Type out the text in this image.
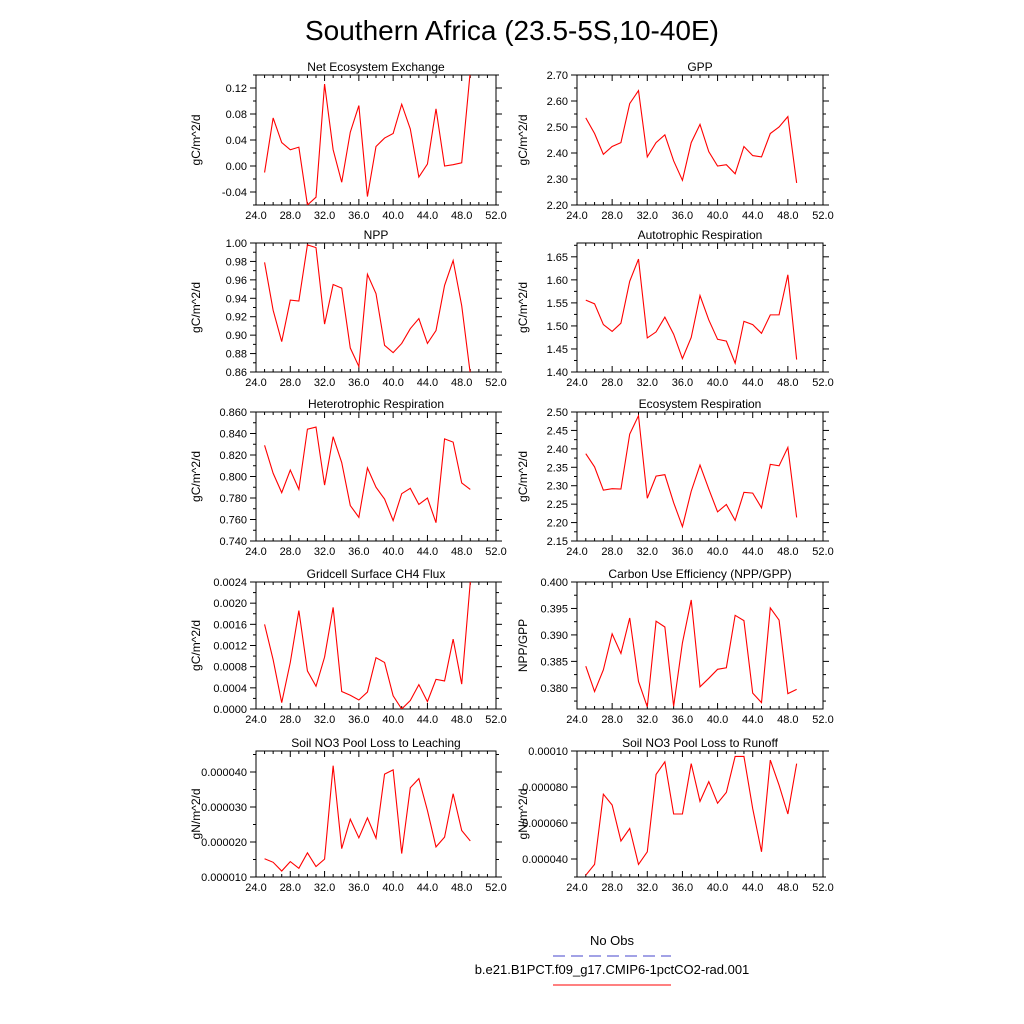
Southern Africa (23.5-5S,10-40E)
Net Ecosystem Exchange
gC/m^2/d
24.0 28.0 32.0 36.0 40.0 44.0 48.0 52.0
-0.04
0.00
0.04
0.08
0.12
GPP
gC/m^2/d
24.0 28.0 32.0 36.0 40.0 44.0 48.0 52.0
2.20
2.30
2.40
2.50
2.60
2.70
NPP
gC/m^2/d
24.0 28.0 32.0 36.0 40.0 44.0 48.0 52.0
0.86
0.88
0.90
0.92
0.94
0.96
0.98
1.00
Autotrophic Respiration
gC/m^2/d
24.0 28.0 32.0 36.0 40.0 44.0 48.0 52.0
1.40
1.45
1.50
1.55
1.60
1.65
Heterotrophic Respiration
gC/m^2/d
24.0 28.0 32.0 36.0 40.0 44.0 48.0 52.0
0.740
0.760
0.780
0.800
0.820
0.840
0.860
Ecosystem Respiration
gC/m^2/d
24.0 28.0 32.0 36.0 40.0 44.0 48.0 52.0
2.15
2.20
2.25
2.30
2.35
2.40
2.45
2.50
Gridcell Surface CH4 Flux
gC/m^2/d
24.0 28.0 32.0 36.0 40.0 44.0 48.0 52.0
0.0000
0.0004
0.0008
0.0012
0.0016
0.0020
0.0024
Carbon Use Efficiency (NPP/GPP)
NPP/GPP
24.0 28.0 32.0 36.0 40.0 44.0 48.0 52.0
0.380
0.385
0.390
0.395
0.400
Soil NO3 Pool Loss to Leaching
gN/m^2/d
24.0 28.0 32.0 36.0 40.0 44.0 48.0 52.0
0.000010
0.000020
0.000030
0.000040
Soil NO3 Pool Loss to Runoff
gN/m^2/d
24.0 28.0 32.0 36.0 40.0 44.0 48.0 52.0
0.000040
0.000060
0.000080
0.00010
No Obs
b.e21.B1PCT.f09_g17.CMIP6-1pctCO2-rad.001
